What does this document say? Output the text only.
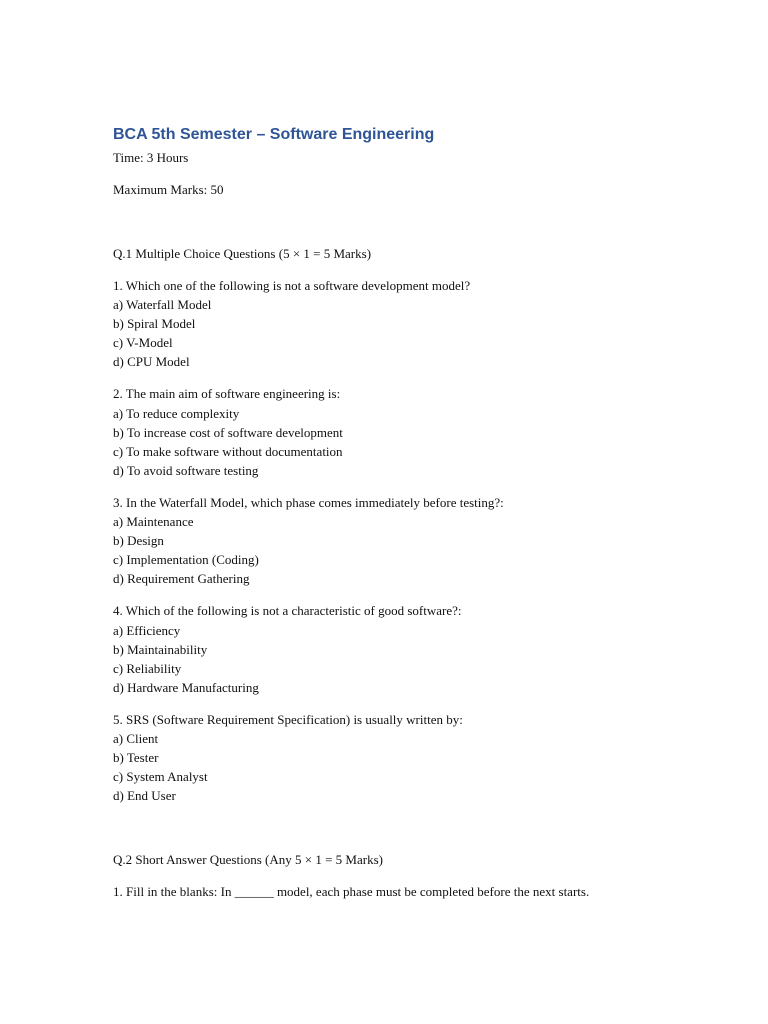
BCA 5th Semester – Software Engineering
Time: 3 Hours
Maximum Marks: 50
Q.1 Multiple Choice Questions (5 × 1 = 5 Marks)
1. Which one of the following is not a software development model?
a) Waterfall Model
b) Spiral Model
c) V-Model
d) CPU Model
2. The main aim of software engineering is:
a) To reduce complexity
b) To increase cost of software development
c) To make software without documentation
d) To avoid software testing
3. In the Waterfall Model, which phase comes immediately before testing?:
a) Maintenance
b) Design
c) Implementation (Coding)
d) Requirement Gathering
4. Which of the following is not a characteristic of good software?:
a) Efficiency
b) Maintainability
c) Reliability
d) Hardware Manufacturing
5. SRS (Software Requirement Specification) is usually written by:
a) Client
b) Tester
c) System Analyst
d) End User
Q.2 Short Answer Questions (Any 5 × 1 = 5 Marks)
1. Fill in the blanks: In ______ model, each phase must be completed before the next starts.
